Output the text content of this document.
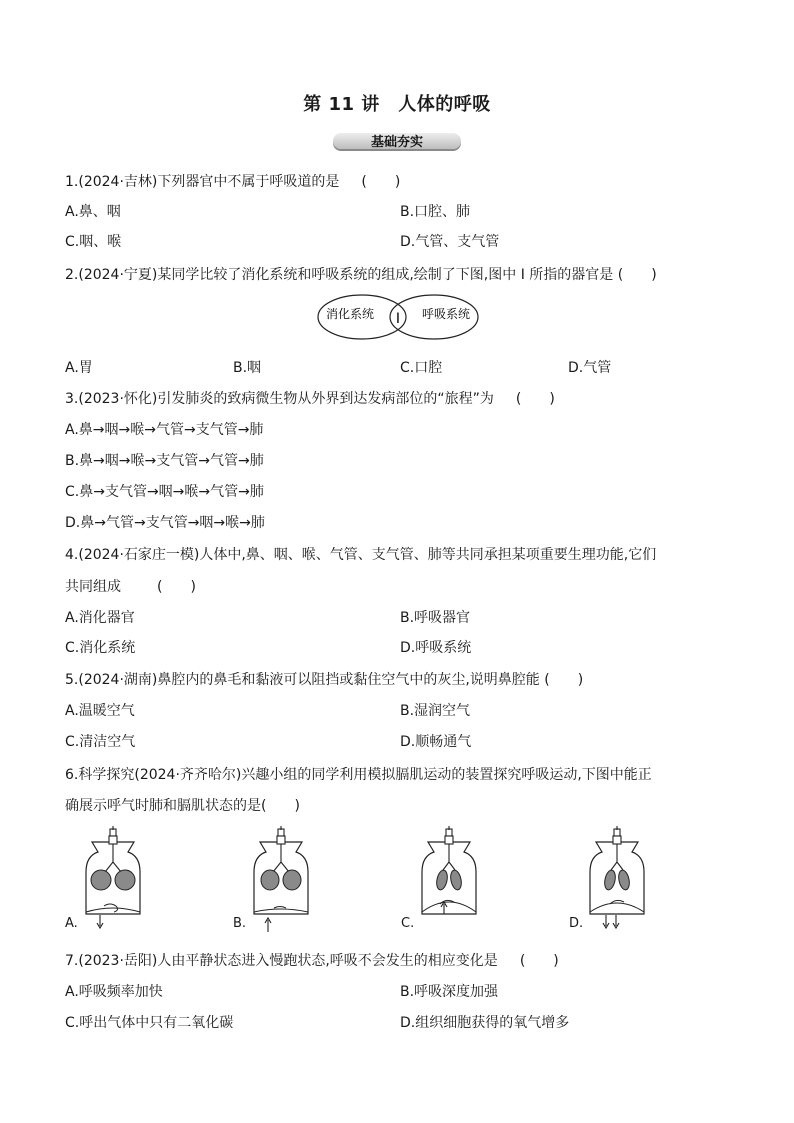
第 11 讲　人体的呼吸
基础夯实
1.(2024·吉林)下列器官中不属于呼吸道的是 (　　)
A.鼻、咽	B.口腔、肺
C.咽、喉	D.气管、支气管
2.(2024·宁夏)某同学比较了消化系统和呼吸系统的组成,绘制了下图,图中 Ⅰ 所指的器官是 (　　)
消化系统 Ⅰ 呼吸系统
A.胃	B.咽	C.口腔	D.气管
3.(2023·怀化)引发肺炎的致病微生物从外界到达发病部位的“旅程”为 (　　)
A.鼻→咽→喉→气管→支气管→肺
B.鼻→咽→喉→支气管→气管→肺
C.鼻→支气管→咽→喉→气管→肺
D.鼻→气管→支气管→咽→喉→肺
4.(2024·石家庄一模)人体中,鼻、咽、喉、气管、支气管、肺等共同承担某项重要生理功能,它们
共同组成	(　　)
A.消化器官	B.呼吸器官
C.消化系统	D.呼吸系统
5.(2024·湖南)鼻腔内的鼻毛和黏液可以阻挡或黏住空气中的灰尘,说明鼻腔能 (　　)
A.温暖空气	B.湿润空气
C.清洁空气	D.顺畅通气
6.科学探究(2024·齐齐哈尔)兴趣小组的同学利用模拟膈肌运动的装置探究呼吸运动,下图中能正
确展示呼气时肺和膈肌状态的是(　　)
A.	B.	C.	D.
7.(2023·岳阳)人由平静状态进入慢跑状态,呼吸不会发生的相应变化是 (　　)
A.呼吸频率加快	B.呼吸深度加强
C.呼出气体中只有二氧化碳	D.组织细胞获得的氧气增多
